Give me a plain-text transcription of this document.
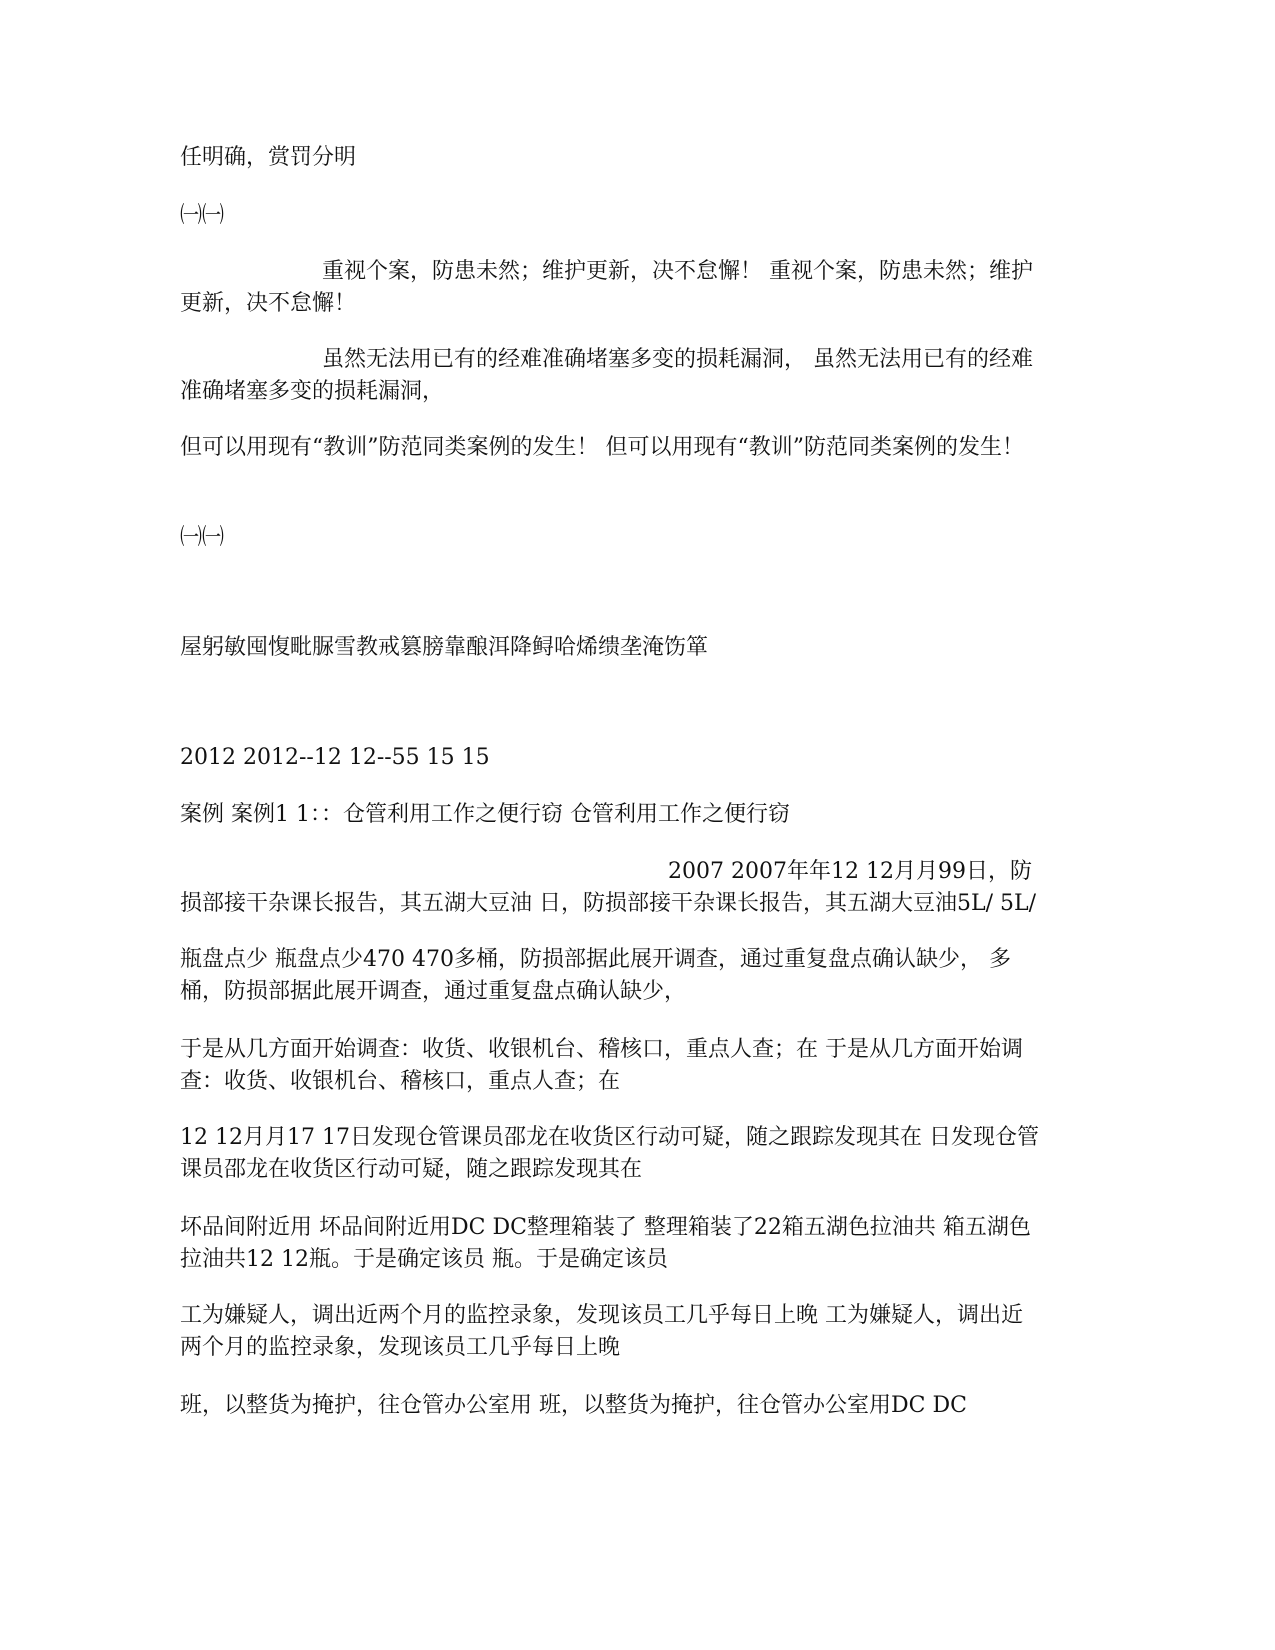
任明确，赏罚分明

㈠㈠

重视个案，防患未然；维护更新，决不怠懈！ 重视个案，防患未然；维护更新，决不怠懈！

虽然无法用已有的经难准确堵塞多变的损耗漏洞， 虽然无法用已有的经难准确堵塞多变的损耗漏洞，

但可以用现有“教训”防范同类案例的发生！ 但可以用现有“教训”防范同类案例的发生！

㈠㈠

屋躬敏囤愎毗脲雪教戒篡膀靠酿洱降鲟哈烯缋垄淹饬箪

2012 2012--12 12--55 15 15

案例 案例1 1：：仓管利用工作之便行窃 仓管利用工作之便行窃

2007 2007年年12 12月月99日，防损部接干杂课长报告，其五湖大豆油 日，防损部接干杂课长报告，其五湖大豆油5L/ 5L/

瓶盘点少 瓶盘点少470 470多桶，防损部据此展开调查，通过重复盘点确认缺少， 多桶，防损部据此展开调查，通过重复盘点确认缺少，

于是从几方面开始调查：收货、收银机台、稽核口，重点人查；在 于是从几方面开始调查：收货、收银机台、稽核口，重点人查；在

12 12月月17 17日发现仓管课员邵龙在收货区行动可疑，随之跟踪发现其在 日发现仓管课员邵龙在收货区行动可疑，随之跟踪发现其在

坏品间附近用 坏品间附近用DC DC整理箱装了 整理箱装了22箱五湖色拉油共 箱五湖色拉油共12 12瓶。于是确定该员 瓶。于是确定该员

工为嫌疑人，调出近两个月的监控录象，发现该员工几乎每日上晚 工为嫌疑人，调出近两个月的监控录象，发现该员工几乎每日上晚

班，以整货为掩护，往仓管办公室用 班，以整货为掩护，往仓管办公室用DC DC
